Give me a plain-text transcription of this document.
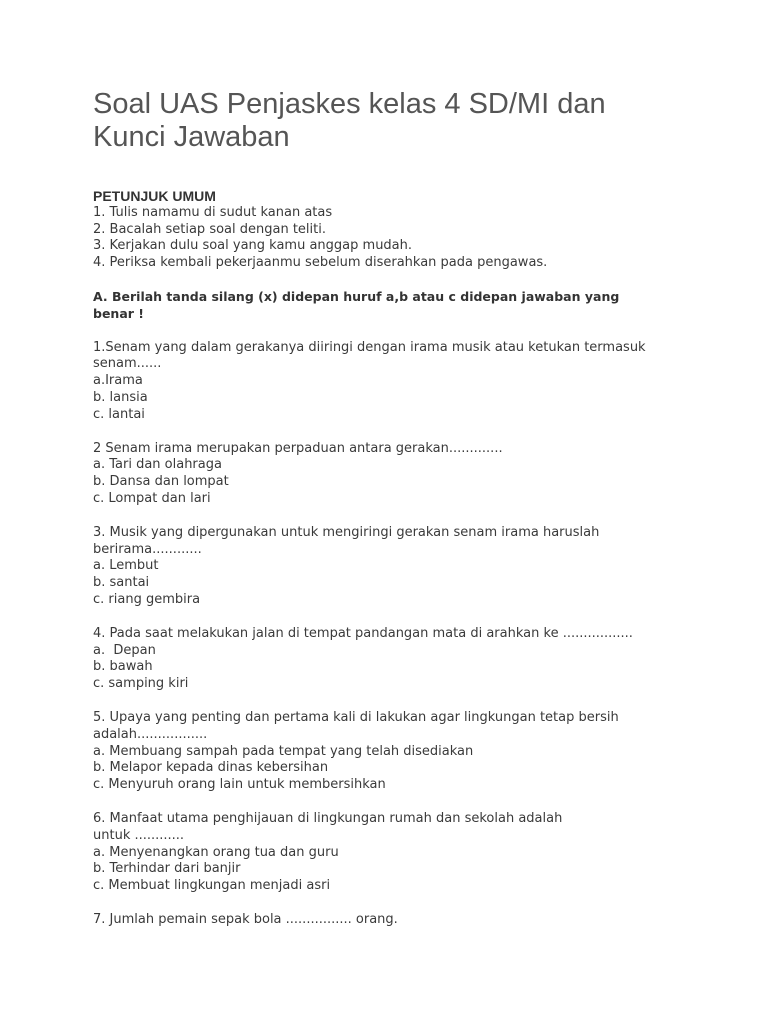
Soal UAS Penjaskes kelas 4 SD/MI dan
Kunci Jawaban
PETUNJUK UMUM
1. Tulis namamu di sudut kanan atas
2. Bacalah setiap soal dengan teliti.
3. Kerjakan dulu soal yang kamu anggap mudah.
4. Periksa kembali pekerjaanmu sebelum diserahkan pada pengawas.
A. Berilah tanda silang (x) didepan huruf a,b atau c didepan jawaban yang
benar !
1.Senam yang dalam gerakanya diiringi dengan irama musik atau ketukan termasuk
senam......
a.Irama
b. lansia
c. lantai
2 Senam irama merupakan perpaduan antara gerakan.............
a. Tari dan olahraga
b. Dansa dan lompat
c. Lompat dan lari
3. Musik yang dipergunakan untuk mengiringi gerakan senam irama haruslah
berirama............
a. Lembut
b. santai
c. riang gembira
4. Pada saat melakukan jalan di tempat pandangan mata di arahkan ke .................
a.  Depan
b. bawah
c. samping kiri
5. Upaya yang penting dan pertama kali di lakukan agar lingkungan tetap bersih
adalah.................
a. Membuang sampah pada tempat yang telah disediakan
b. Melapor kepada dinas kebersihan
c. Menyuruh orang lain untuk membersihkan
6. Manfaat utama penghijauan di lingkungan rumah dan sekolah adalah
untuk ............
a. Menyenangkan orang tua dan guru
b. Terhindar dari banjir
c. Membuat lingkungan menjadi asri
7. Jumlah pemain sepak bola ................ orang.
